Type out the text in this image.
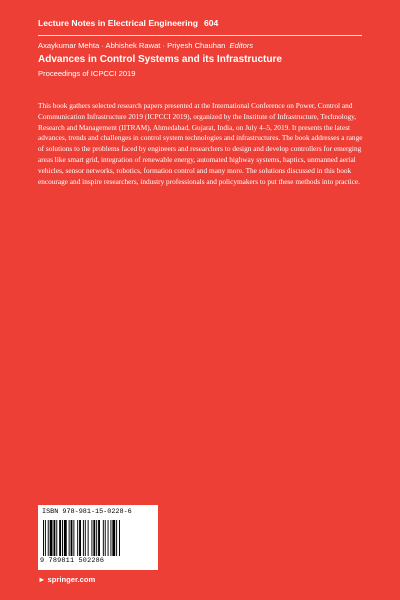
Lecture Notes in Electrical Engineering 604
Axaykumar Mehta · Abhishek Rawat · Priyesh Chauhan Editors
Advances in Control Systems and its Infrastructure
Proceedings of ICPCCI 2019

This book gathers selected research papers presented at the International Conference on Power, Control and Communication Infrastructure 2019 (ICPCCI 2019), organized by the Institute of Infrastructure, Technology, Research and Management (IITRAM), Ahmedabad, Gujarat, India, on July 4–5, 2019. It presents the latest advances, trends and challenges in control system technologies and infrastructures. The book addresses a range of solutions to the problems faced by engineers and researchers to design and develop controllers for emerging areas like smart grid, integration of renewable energy, automated highway systems, haptics, unmanned aerial vehicles, sensor networks, robotics, formation control and many more. The solutions discussed in this book encourage and inspire researchers, industry professionals and policymakers to put these methods into practice.

ISBN 978-981-15-0228-6
9 789811 502286
► springer.com
